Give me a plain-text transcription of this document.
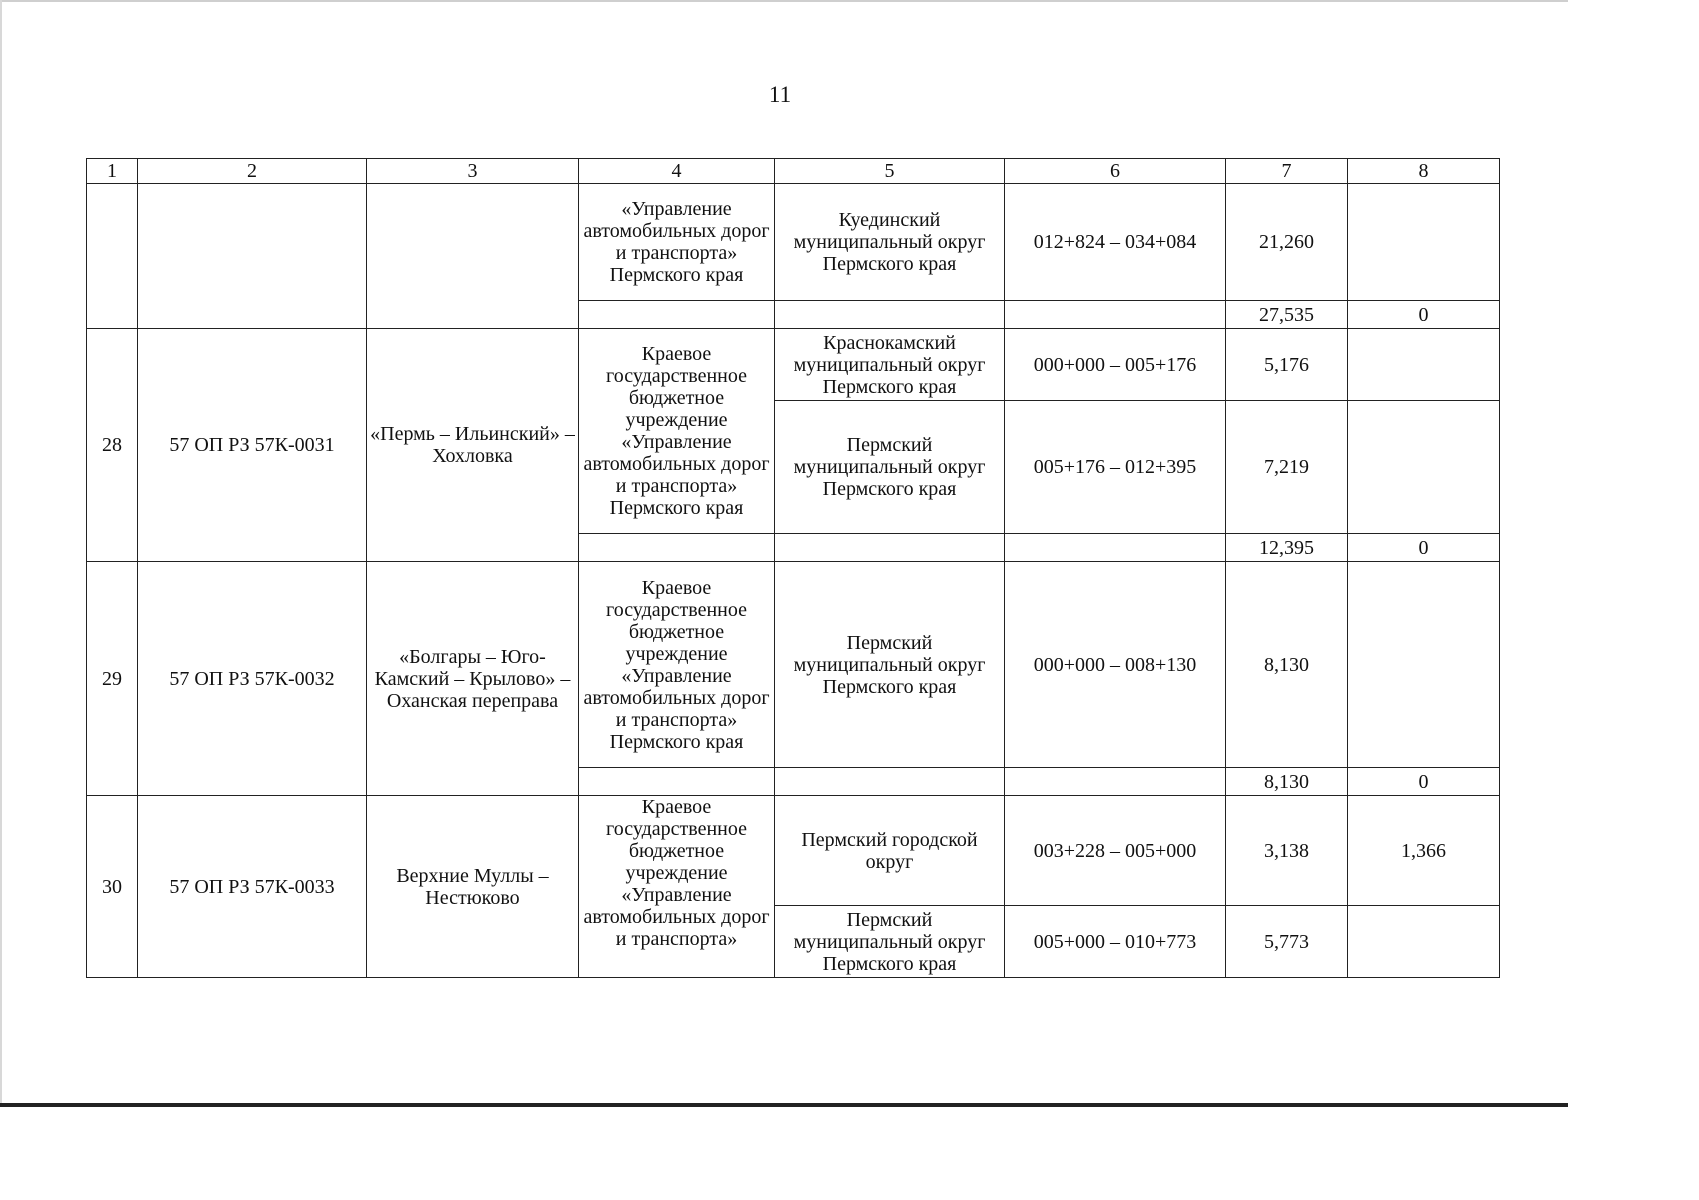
11
1	2	3	4	5	6	7	8
			«Управление автомобильных дорог и транспорта» Пермского края	Куединский муниципальный округ Пермского края	012+824 – 034+084	21,260	
						27,535	0
28	57 ОП РЗ 57К-0031	«Пермь – Ильинский» – Хохловка	Краевое государственное бюджетное учреждение «Управление автомобильных дорог и транспорта» Пермского края	Краснокамский муниципальный округ Пермского края	000+000 – 005+176	5,176	
				Пермский муниципальный округ Пермского края	005+176 – 012+395	7,219	
						12,395	0
29	57 ОП РЗ 57К-0032	«Болгары – Юго-Камский – Крылово» – Оханская переправа	Краевое государственное бюджетное учреждение «Управление автомобильных дорог и транспорта» Пермского края	Пермский муниципальный округ Пермского края	000+000 – 008+130	8,130	
						8,130	0
30	57 ОП РЗ 57К-0033	Верхние Муллы – Нестюково	Краевое государственное бюджетное учреждение «Управление автомобильных дорог и транспорта»	Пермский городской округ	003+228 – 005+000	3,138	1,366
				Пермский муниципальный округ Пермского края	005+000 – 010+773	5,773	
